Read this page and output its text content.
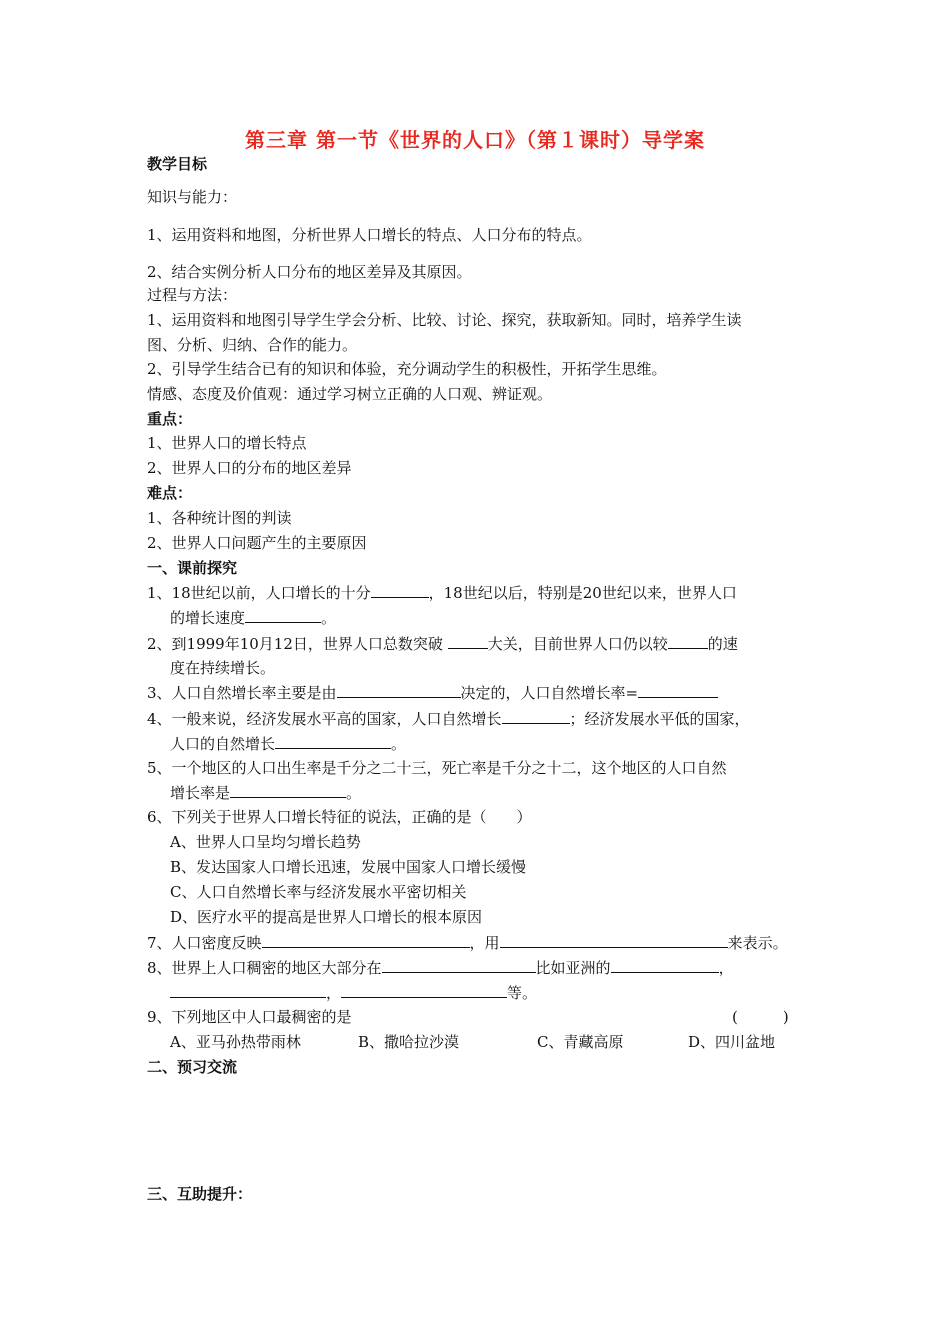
第三章 第一节《世界的人口》（第１课时）导学案
教学目标
知识与能力：
1、运用资料和地图，分析世界人口增长的特点、人口分布的特点。
2、结合实例分析人口分布的地区差异及其原因。
过程与方法：
1、运用资料和地图引导学生学会分析、比较、讨论、探究，获取新知。同时，培养学生读
图、分析、归纳、合作的能力。
2、引导学生结合已有的知识和体验，充分调动学生的积极性，开拓学生思维。
情感、态度及价值观：通过学习树立正确的人口观、辨证观。
重点：
1、世界人口的增长特点
2、世界人口的分布的地区差异
难点：
1、各种统计图的判读
2、世界人口问题产生的主要原因
一、课前探究
1、18世纪以前，人口增长的十分	，18世纪以后，特别是20世纪以来，世界人口
的增长速度	。
2、到1999年10月12日，世界人口总数突破	大关，目前世界人口仍以较	的速
度在持续增长。
3、人口自然增长率主要是由	决定的，人口自然增长率=
4、一般来说，经济发展水平高的国家，人口自然增长	；经济发展水平低的国家，
人口的自然增长	。
5、一个地区的人口出生率是千分之二十三，死亡率是千分之十二，这个地区的人口自然
增长率是	。
6、下列关于世界人口增长特征的说法，正确的是（　　）
A、世界人口呈均匀增长趋势
B、发达国家人口增长迅速，发展中国家人口增长缓慢
C、人口自然增长率与经济发展水平密切相关
D、医疗水平的提高是世界人口增长的根本原因
7、人口密度反映	，用	来表示。
8、世界上人口稠密的地区大部分在	比如亚洲的	，
，	等。
9、下列地区中人口最稠密的是	(　　　)
A、亚马孙热带雨林	B、撒哈拉沙漠	C、青藏高原	D、四川盆地
二、预习交流
三、互助提升：
